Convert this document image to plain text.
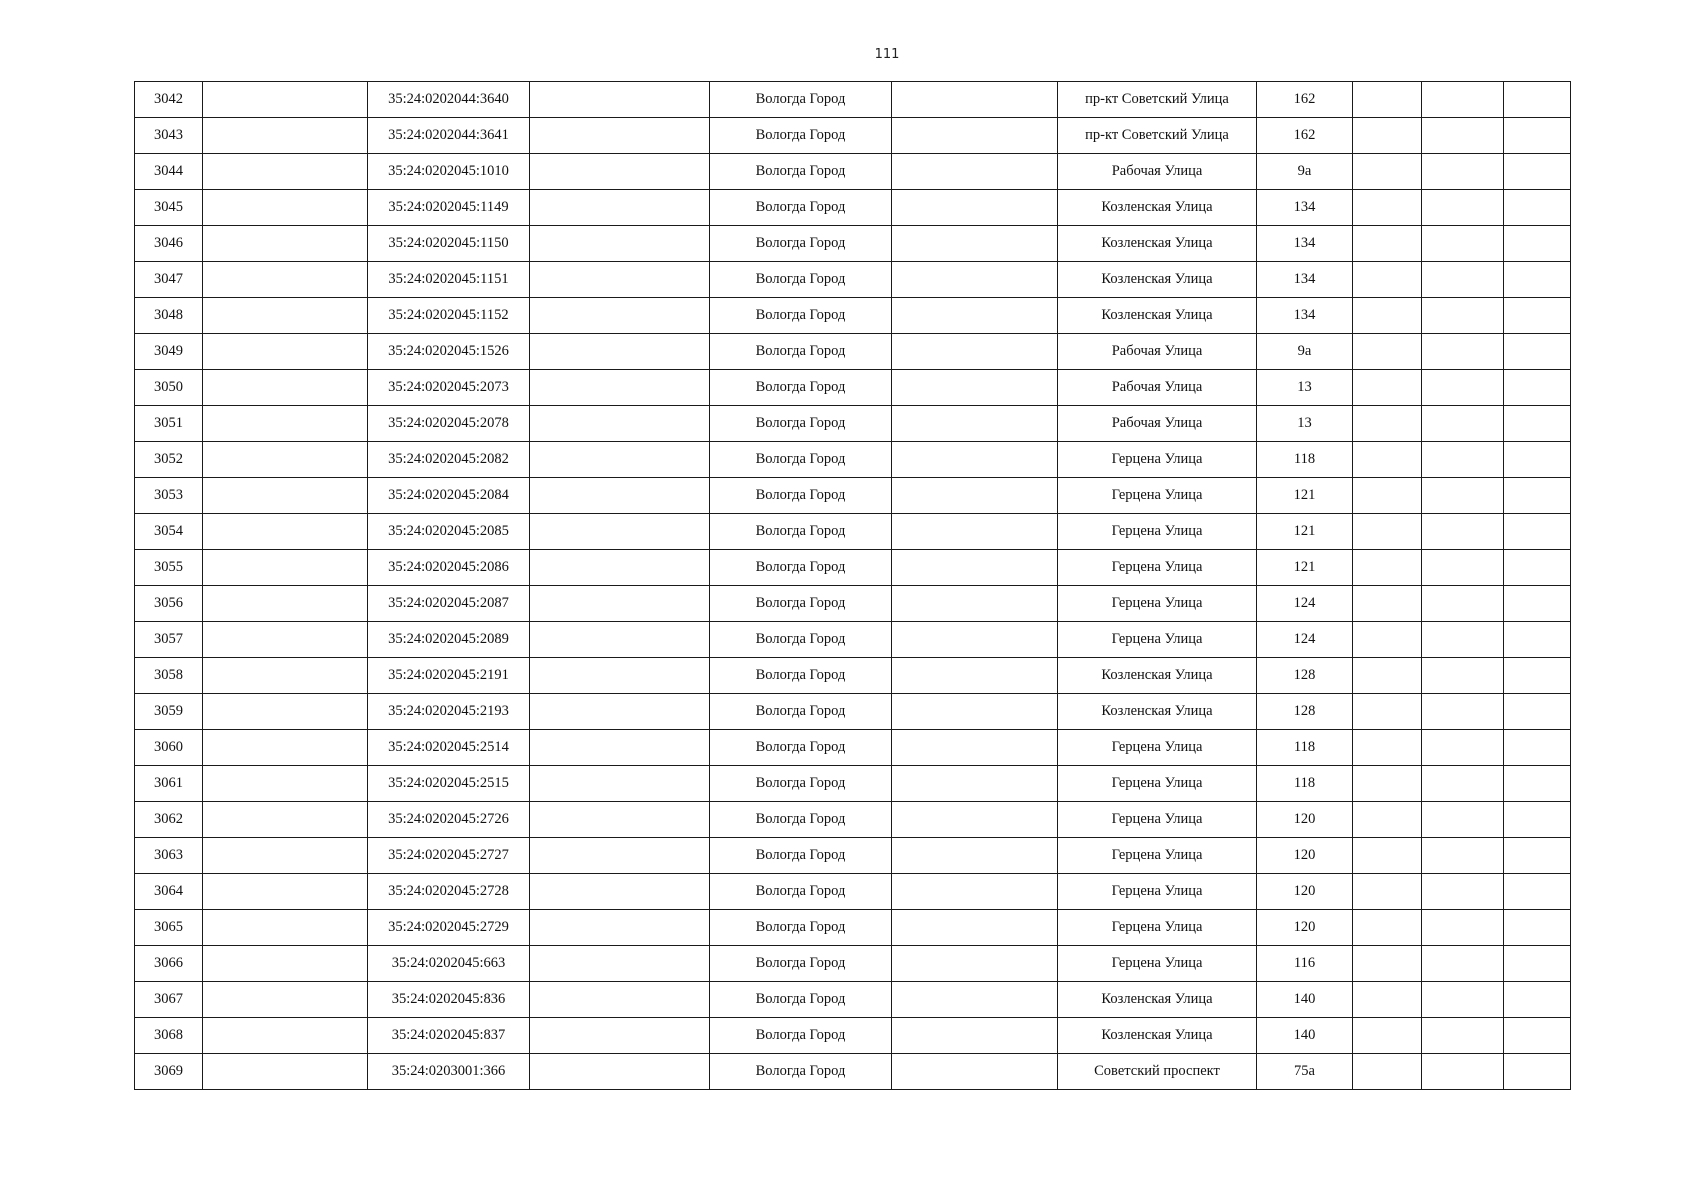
111
3042		35:24:0202044:3640		Вологда Город		пр-кт Советский Улица	162			
3043		35:24:0202044:3641		Вологда Город		пр-кт Советский Улица	162			
3044		35:24:0202045:1010		Вологда Город		Рабочая Улица	9а			
3045		35:24:0202045:1149		Вологда Город		Козленская Улица	134			
3046		35:24:0202045:1150		Вологда Город		Козленская Улица	134			
3047		35:24:0202045:1151		Вологда Город		Козленская Улица	134			
3048		35:24:0202045:1152		Вологда Город		Козленская Улица	134			
3049		35:24:0202045:1526		Вологда Город		Рабочая Улица	9а			
3050		35:24:0202045:2073		Вологда Город		Рабочая Улица	13			
3051		35:24:0202045:2078		Вологда Город		Рабочая Улица	13			
3052		35:24:0202045:2082		Вологда Город		Герцена Улица	118			
3053		35:24:0202045:2084		Вологда Город		Герцена Улица	121			
3054		35:24:0202045:2085		Вологда Город		Герцена Улица	121			
3055		35:24:0202045:2086		Вологда Город		Герцена Улица	121			
3056		35:24:0202045:2087		Вологда Город		Герцена Улица	124			
3057		35:24:0202045:2089		Вологда Город		Герцена Улица	124			
3058		35:24:0202045:2191		Вологда Город		Козленская Улица	128			
3059		35:24:0202045:2193		Вологда Город		Козленская Улица	128			
3060		35:24:0202045:2514		Вологда Город		Герцена Улица	118			
3061		35:24:0202045:2515		Вологда Город		Герцена Улица	118			
3062		35:24:0202045:2726		Вологда Город		Герцена Улица	120			
3063		35:24:0202045:2727		Вологда Город		Герцена Улица	120			
3064		35:24:0202045:2728		Вологда Город		Герцена Улица	120			
3065		35:24:0202045:2729		Вологда Город		Герцена Улица	120			
3066		35:24:0202045:663		Вологда Город		Герцена Улица	116			
3067		35:24:0202045:836		Вологда Город		Козленская Улица	140			
3068		35:24:0202045:837		Вологда Город		Козленская Улица	140			
3069		35:24:0203001:366		Вологда Город		Советский проспект	75а			
